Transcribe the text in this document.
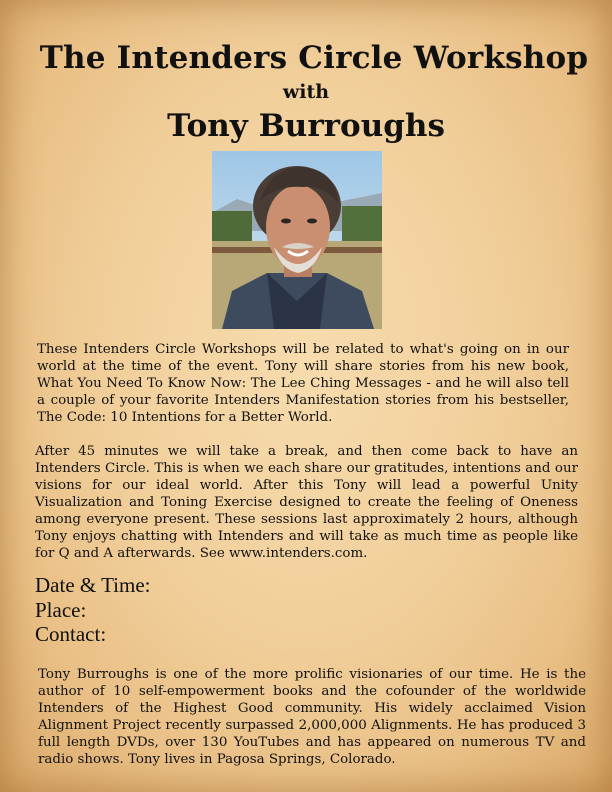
The Intenders Circle Workshop
with
Tony Burroughs

These Intenders Circle Workshops will be related to what's going on in our world at the time of the event. Tony will share stories from his new book, What You Need To Know Now: The Lee Ching Messages - and he will also tell a couple of your favorite Intenders Manifestation stories from his bestseller, The Code: 10 Intentions for a Better World.

After 45 minutes we will take a break, and then come back to have an Intenders Circle. This is when we each share our gratitudes, intentions and our visions for our ideal world. After this Tony will lead a powerful Unity Visualization and Toning Exercise designed to create the feeling of Oneness among everyone present. These sessions last approximately 2 hours, although Tony enjoys chatting with Intenders and will take as much time as people like for Q and A afterwards. See www.intenders.com.

Date & Time:
Place:
Contact:

Tony Burroughs is one of the more prolific visionaries of our time. He is the author of 10 self-empowerment books and the cofounder of the worldwide Intenders of the Highest Good community. His widely acclaimed Vision Alignment Project recently surpassed 2,000,000 Alignments. He has produced 3 full length DVDs, over 130 YouTubes and has appeared on numerous TV and radio shows. Tony lives in Pagosa Springs, Colorado.
